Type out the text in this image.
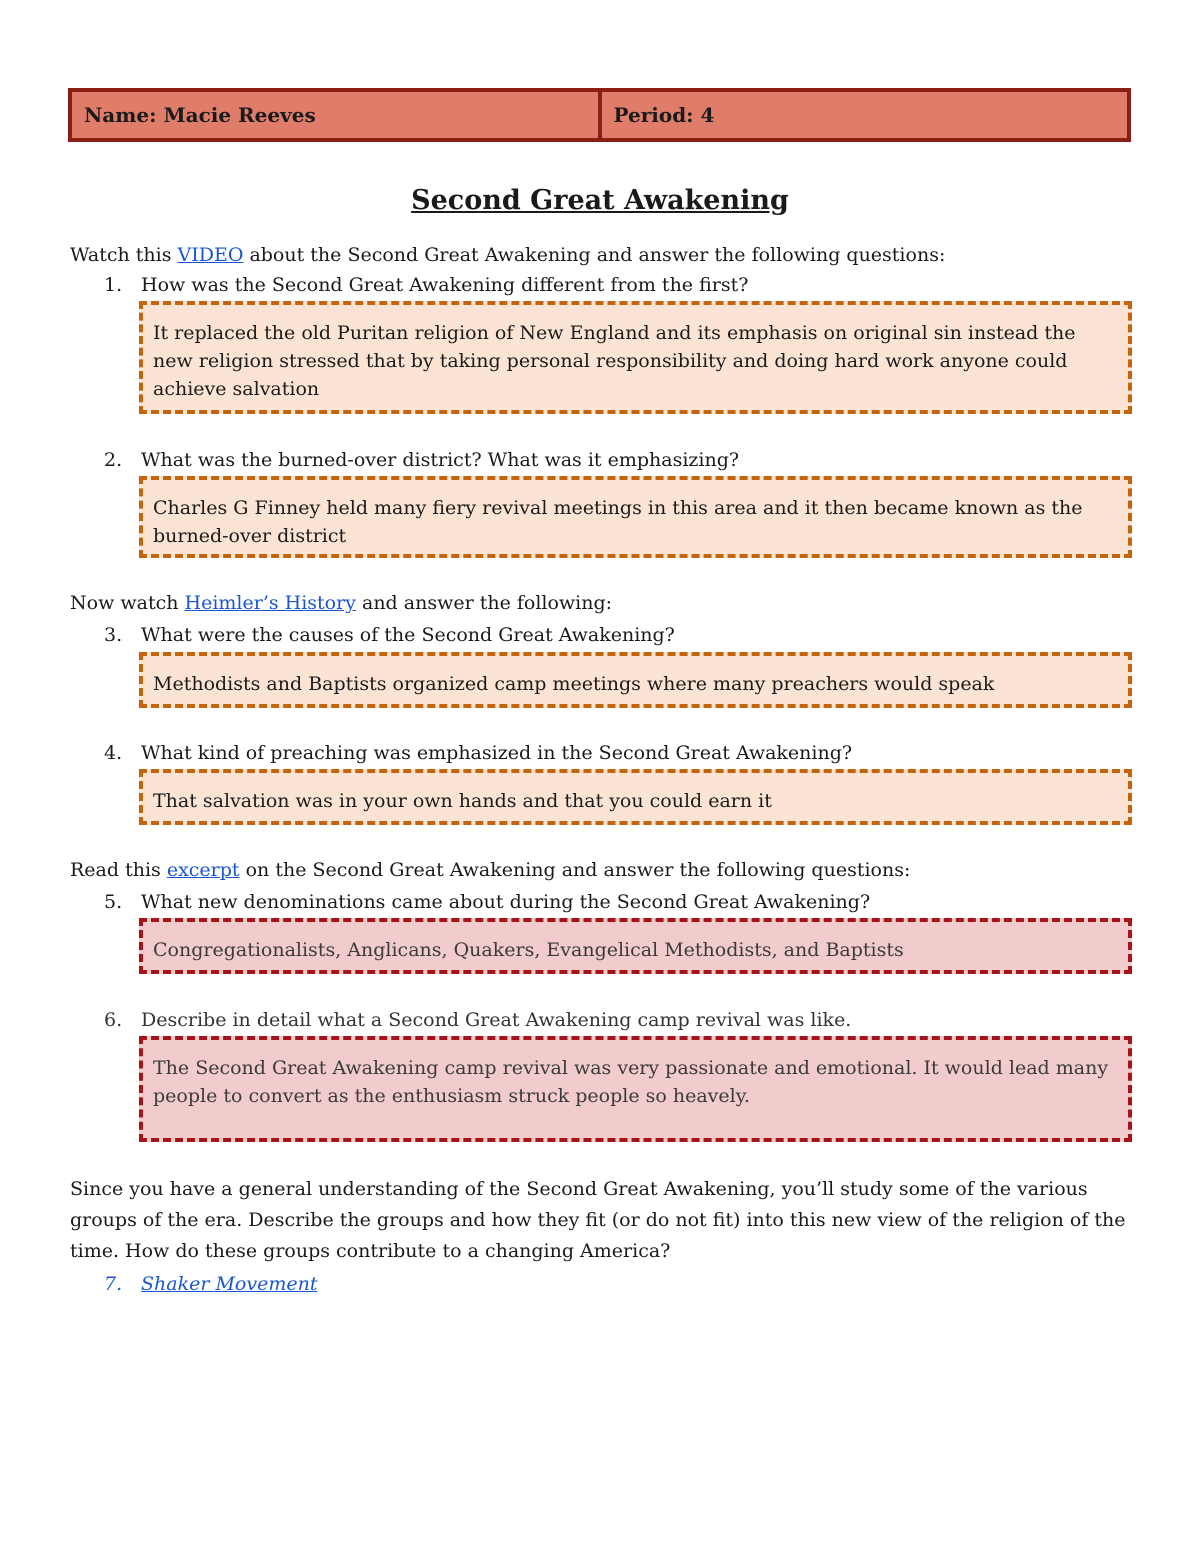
Name: Macie Reeves	Period: 4
Second Great Awakening
Watch this VIDEO about the Second Great Awakening and answer the following questions:
1. How was the Second Great Awakening different from the first?
It replaced the old Puritan religion of New England and its emphasis on original sin instead the new religion stressed that by taking personal responsibility and doing hard work anyone could achieve salvation
2. What was the burned-over district? What was it emphasizing?
Charles G Finney held many fiery revival meetings in this area and it then became known as the burned-over district
Now watch Heimler’s History and answer the following:
3. What were the causes of the Second Great Awakening?
Methodists and Baptists organized camp meetings where many preachers would speak
4. What kind of preaching was emphasized in the Second Great Awakening?
That salvation was in your own hands and that you could earn it
Read this excerpt on the Second Great Awakening and answer the following questions:
5. What new denominations came about during the Second Great Awakening?
Congregationalists, Anglicans, Quakers, Evangelical Methodists, and Baptists
6. Describe in detail what a Second Great Awakening camp revival was like.
The Second Great Awakening camp revival was very passionate and emotional. It would lead many people to convert as the enthusiasm struck people so heavely.
Since you have a general understanding of the Second Great Awakening, you’ll study some of the various groups of the era. Describe the groups and how they fit (or do not fit) into this new view of the religion of the time. How do these groups contribute to a changing America?
7. Shaker Movement
